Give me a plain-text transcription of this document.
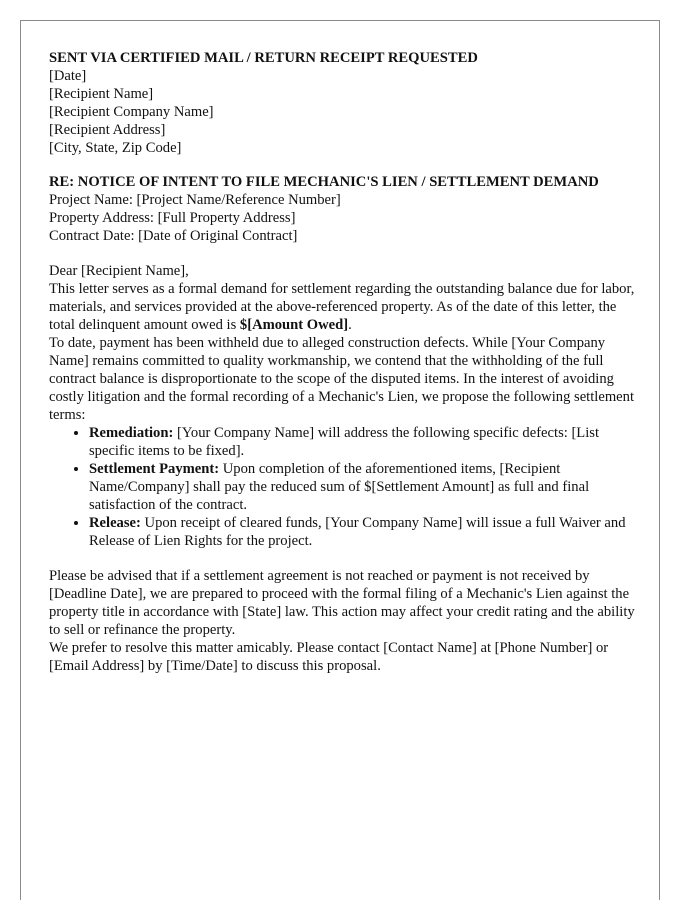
SENT VIA CERTIFIED MAIL / RETURN RECEIPT REQUESTED

[Date]

[Recipient Name]

[Recipient Company Name]

[Recipient Address]

[City, State, Zip Code]

RE: NOTICE OF INTENT TO FILE MECHANIC'S LIEN / SETTLEMENT DEMAND

Project Name: [Project Name/Reference Number]

Property Address: [Full Property Address]

Contract Date: [Date of Original Contract]

Dear [Recipient Name],

This letter serves as a formal demand for settlement regarding the outstanding balance due for labor, materials, and services provided at the above-referenced property. As of the date of this letter, the total delinquent amount owed is $[Amount Owed].

To date, payment has been withheld due to alleged construction defects. While [Your Company Name] remains committed to quality workmanship, we contend that the withholding of the full contract balance is disproportionate to the scope of the disputed items. In the interest of avoiding costly litigation and the formal recording of a Mechanic's Lien, we propose the following settlement terms:

• Remediation: [Your Company Name] will address the following specific defects: [List specific items to be fixed].
• Settlement Payment: Upon completion of the aforementioned items, [Recipient Name/Company] shall pay the reduced sum of $[Settlement Amount] as full and final satisfaction of the contract.
• Release: Upon receipt of cleared funds, [Your Company Name] will issue a full Waiver and Release of Lien Rights for the project.

Please be advised that if a settlement agreement is not reached or payment is not received by [Deadline Date], we are prepared to proceed with the formal filing of a Mechanic's Lien against the property title in accordance with [State] law. This action may affect your credit rating and the ability to sell or refinance the property.

We prefer to resolve this matter amicably. Please contact [Contact Name] at [Phone Number] or [Email Address] by [Time/Date] to discuss this proposal.
